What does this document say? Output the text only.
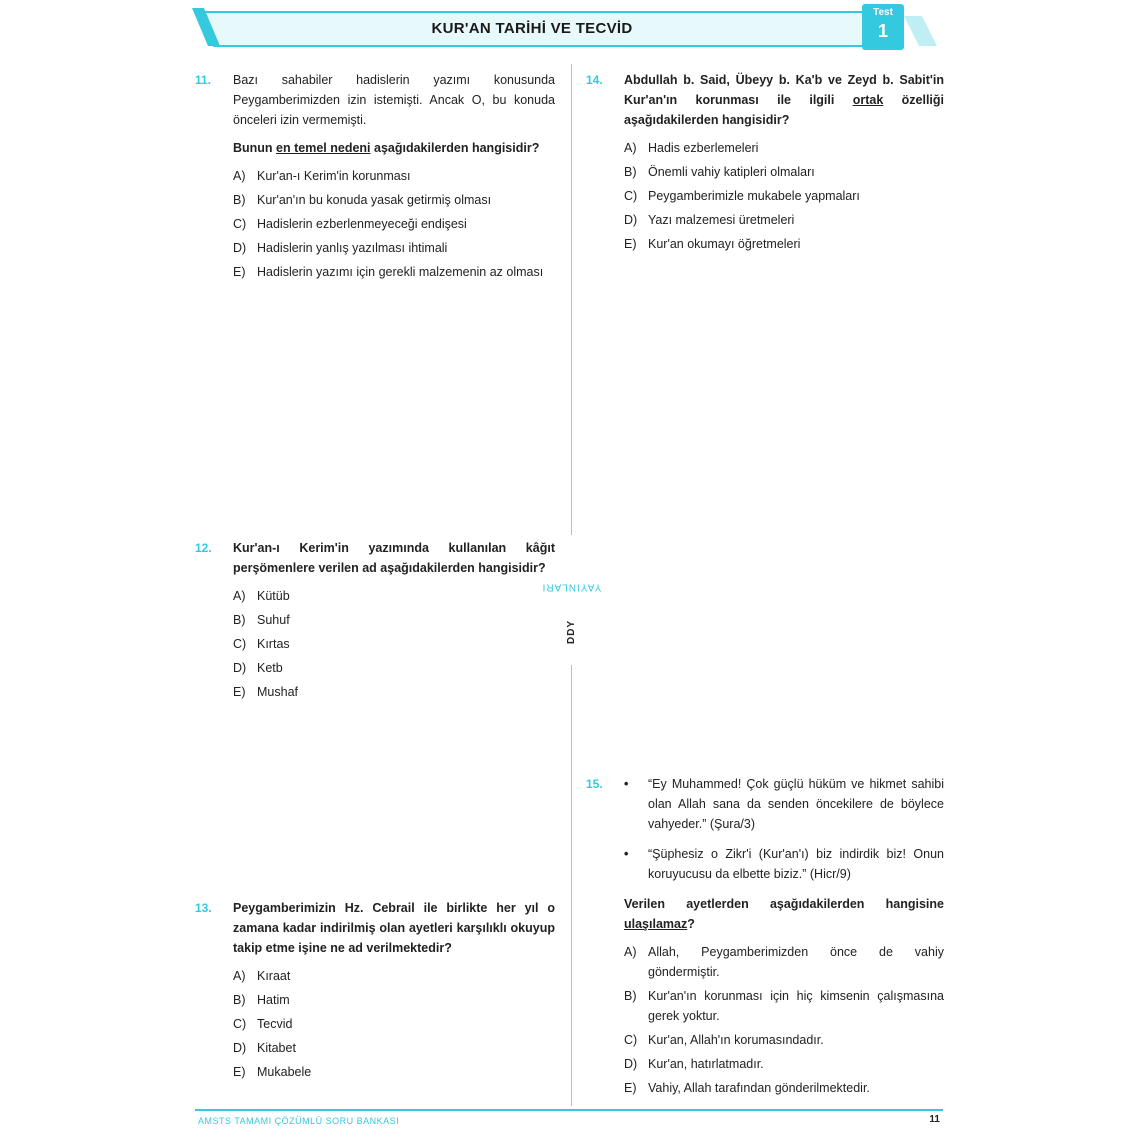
KUR'AN TARİHİ VE TECVİD
Test
1
DDYYAYINLARI
11.	Bazı sahabiler hadislerin yazımı konusunda Peygamberimizden izin istemişti. Ancak O, bu konuda önceleri izin vermemişti.

Bunun en temel nedeni aşağıdakilerden hangisidir?

A) Kur'an-ı Kerim'in korunması
B) Kur'an'ın bu konuda yasak getirmiş olması
C) Hadislerin ezberlenmeyeceği endişesi
D) Hadislerin yanlış yazılması ihtimali
E) Hadislerin yazımı için gerekli malzemenin az olması
12.	Kur'an-ı Kerim'in yazımında kullanılan kâğıt perşömenlere verilen ad aşağıdakilerden hangisidir?

A) Kütüb
B) Suhuf
C) Kırtas
D) Ketb
E) Mushaf
13.	Peygamberimizin Hz. Cebrail ile birlikte her yıl o zamana kadar indirilmiş olan ayetleri karşılıklı okuyup takip etme işine ne ad verilmektedir?

A) Kıraat
B) Hatim
C) Tecvid
D) Kitabet
E) Mukabele
14.	Abdullah b. Said, Übeyy b. Ka'b ve Zeyd b. Sabit'in Kur'an'ın korunması ile ilgili ortak özelliği aşağıdakilerden hangisidir?

A) Hadis ezberlemeleri
B) Önemli vahiy katipleri olmaları
C) Peygamberimizle mukabele yapmaları
D) Yazı malzemesi üretmeleri
E) Kur'an okumayı öğretmeleri
15.	•	“Ey Muhammed! Çok güçlü hüküm ve hikmet sahibi olan Allah sana da senden öncekilere de böylece vahyeder.” (Şura/3)
•	“Şüphesiz o Zikr'i (Kur'an'ı) biz indirdik biz! Onun koruyucusu da elbette biziz.” (Hicr/9)

Verilen ayetlerden aşağıdakilerden hangisine ulaşılamaz?

A) Allah, Peygamberimizden önce de vahiy göndermiştir.
B) Kur'an'ın korunması için hiç kimsenin çalışmasına gerek yoktur.
C) Kur'an, Allah'ın korumasındadır.
D) Kur'an, hatırlatmadır.
E) Vahiy, Allah tarafından gönderilmektedir.
AMSTS TAMAMI ÇÖZÜMLÜ SORU BANKASI	11
